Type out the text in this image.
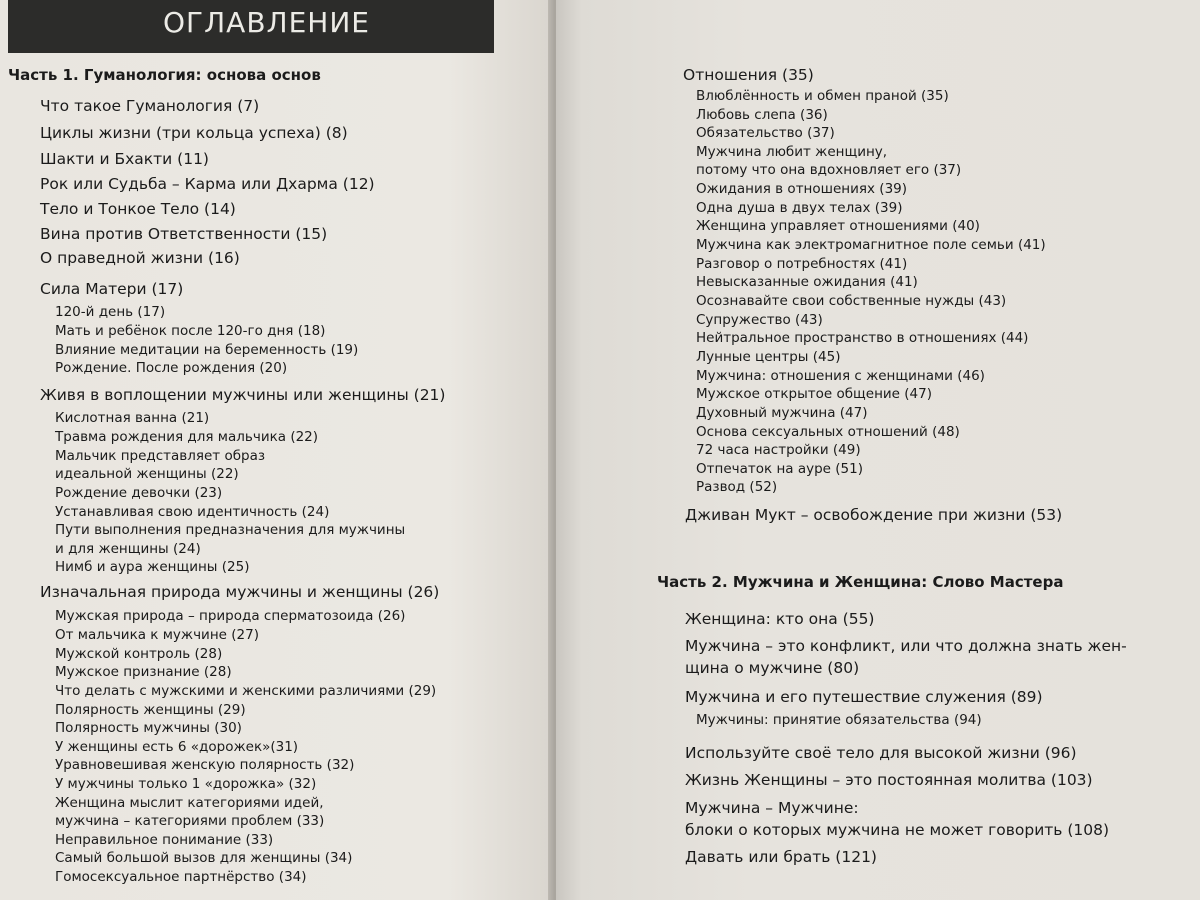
ОГЛАВЛЕНИЕ
Часть 1. Гуманология: основа основ
Что такое Гуманология (7)
Циклы жизни (три кольца успеха) (8)
Шакти и Бхакти (11)
Рок или Судьба – Карма или Дхарма (12)
Тело и Тонкое Тело (14)
Вина против Ответственности (15)
О праведной жизни (16)
Сила Матери (17)
120-й день (17)
Мать и ребёнок после 120-го дня (18)
Влияние медитации на беременность (19)
Рождение. После рождения (20)
Живя в воплощении мужчины или женщины (21)
Кислотная ванна (21)
Травма рождения для мальчика (22)
Мальчик представляет образ
идеальной женщины (22)
Рождение девочки (23)
Устанавливая свою идентичность (24)
Пути выполнения предназначения для мужчины
и для женщины (24)
Нимб и аура женщины (25)
Изначальная природа мужчины и женщины (26)
Мужская природа – природа сперматозоида (26)
От мальчика к мужчине (27)
Мужской контроль (28)
Мужское признание (28)
Что делать с мужскими и женскими различиями (29)
Полярность женщины (29)
Полярность мужчины (30)
У женщины есть 6 «дорожек»(31)
Уравновешивая женскую полярность (32)
У мужчины только 1 «дорожка» (32)
Женщина мыслит категориями идей,
мужчина – категориями проблем (33)
Неправильное понимание (33)
Самый большой вызов для женщины (34)
Гомосексуальное партнёрство (34)
Отношения (35)
Влюблённость и обмен праной (35)
Любовь слепа (36)
Обязательство (37)
Мужчина любит женщину,
потому что она вдохновляет его (37)
Ожидания в отношениях (39)
Одна душа в двух телах (39)
Женщина управляет отношениями (40)
Мужчина как электромагнитное поле семьи (41)
Разговор о потребностях (41)
Невысказанные ожидания (41)
Осознавайте свои собственные нужды (43)
Супружество (43)
Нейтральное пространство в отношениях (44)
Лунные центры (45)
Мужчина: отношения с женщинами (46)
Мужское открытое общение (47)
Духовный мужчина (47)
Основа сексуальных отношений (48)
72 часа настройки (49)
Отпечаток на ауре (51)
Развод (52)
Дживан Мукт – освобождение при жизни (53)
Часть 2. Мужчина и Женщина: Слово Мастера
Женщина: кто она (55)
Мужчина – это конфликт, или что должна знать жен-
щина о мужчине (80)
Мужчина и его путешествие служения (89)
Мужчины: принятие обязательства (94)
Используйте своё тело для высокой жизни (96)
Жизнь Женщины – это постоянная молитва (103)
Мужчина – Мужчине:
блоки о которых мужчина не может говорить (108)
Давать или брать (121)
